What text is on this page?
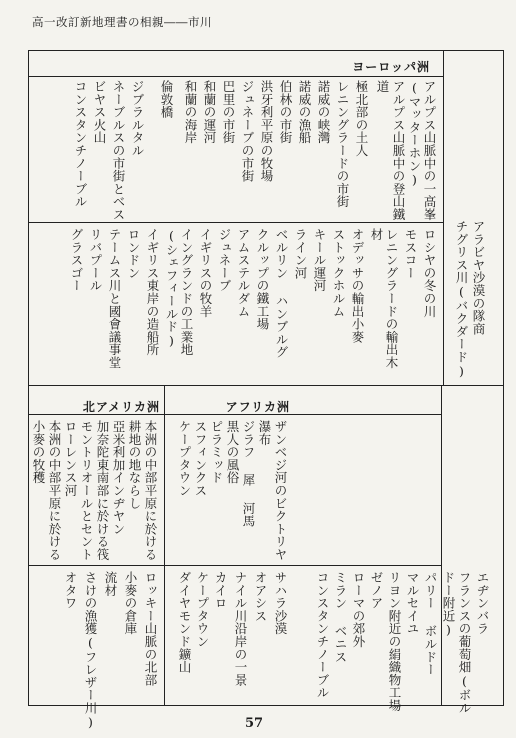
高一改訂新地理書の相親――市川
ヨーロッパ洲
北アメリカ洲	アフリカ洲
アルプス山脈中の一高峯
(マッターホン)
アルプス山脈中の登山鐵
道
極北部の土人
レニングラードの市街
諾威の峡灣
諾威の漁船
伯林の市街
洪牙利平原の牧場
ジュネーブの市街
巴里の市街
和蘭の運河
和蘭の海岸
倫敦橋
ジブラルタル
ネーブルスの市街とベス
ビヤス火山
コンスタンチノーブル
ロシヤの冬の川
モスコー
レニングラードの輸出木
材
オデッサの輸出小麥
ストックホルム
キール運河
ライン河
ベルリン ハンブルグ
クルップの鐵工場
アムステルダム
ジュネーブ
イギリスの牧羊
イングランドの工業地
(シェフィールド)
イギリス東岸の造船所
ロンドン
テームス川と國會議事堂
リバプール
グラスゴー	アラビヤ沙漠の隊商
チグリス川(バクダード)
本洲の中部平原に於ける
耕地の地ならし
亞米利加インヂヤン
加奈陀東南部に於ける筏
モントリオールとセント
ローレンス河
本洲の中部平原に於ける
小麥の牧穫	ザンベジ河のビクトリヤ
瀑布
ジラフ 犀 河馬
黒人の風俗
ピラミッド
スフィンクス
ケープタウン
ロッキー山脈の北部
小麥の倉庫
流材
さけの漁獲(フレザー川)
オタワ	サハラ沙漠
オアシス
ナイル川沿岸の一景
カイロ
ケープタウン
ダイヤモンド鑛山	エヂンバラ
フランスの葡萄畑(ボル
ドー附近)
パリー ボルドー
マルセイユ
リヨン附近の絹織物工場
ゼノア
ローマの郊外
ミラン ベニス
コンスタンチノーブル
57
